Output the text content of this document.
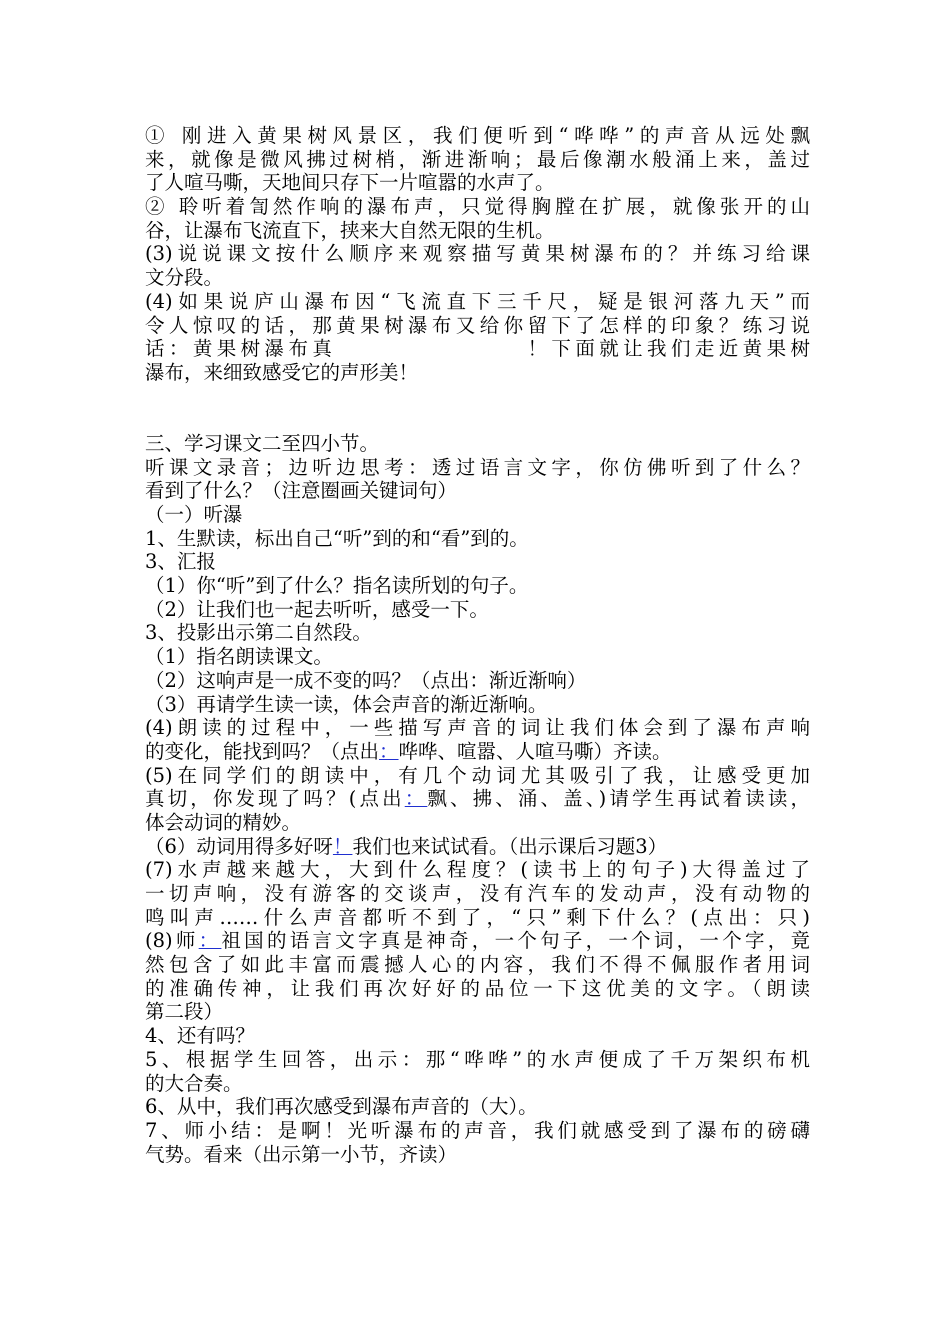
① 刚进入黄果树风景区，我们便听到“哗哗”的声音从远处飘
来，就像是微风拂过树梢，渐进渐响；最后像潮水般涌上来，盖过
了人喧马嘶，天地间只存下一片喧嚣的水声了。
② 聆听着訇然作响的瀑布声，只觉得胸膛在扩展，就像张开的山
谷，让瀑布飞流直下，挟来大自然无限的生机。
(3)说说课文按什么顺序来观察描写黄果树瀑布的？并练习给课
文分段。
(4)如果说庐山瀑布因“飞流直下三千尺，疑是银河落九天”而
令人惊叹的话，那黄果树瀑布又给你留下了怎样的印象？练习说
话：黄果树瀑布真　　　　　　　　！下面就让我们走近黄果树
瀑布，来细致感受它的声形美！
三、学习课文二至四小节。
听课文录音；边听边思考：透过语言文字，你仿佛听到了什么？
看到了什么？（注意圈画关键词句）
（一）听瀑
1、生默读，标出自己“听”到的和“看”到的。
3、汇报
（1）你“听”到了什么？指名读所划的句子。
（2）让我们也一起去听听，感受一下。
3、投影出示第二自然段。
（1）指名朗读课文。
（2）这响声是一成不变的吗？（点出：渐近渐响）
（3）再请学生读一读，体会声音的渐近渐响。
(4)朗读的过程中，一些描写声音的词让我们体会到了瀑布声响
的变化，能找到吗？（点出：哗哗、喧嚣、人喧马嘶）齐读。
(5)在同学们的朗读中，有几个动词尤其吸引了我，让感受更加
真切，你发现了吗？(点出：飘、拂、涌、盖、)请学生再试着读读，
体会动词的精妙。
（6）动词用得多好呀！我们也来试试看。（出示课后习题3）
(7)水声越来越大，大到什么程度？(读书上的句子)大得盖过了
一切声响，没有游客的交谈声，没有汽车的发动声，没有动物的
鸣叫声……什么声音都听不到了，“只”剩下什么？(点出：只)
(8)师：祖国的语言文字真是神奇，一个句子，一个词，一个字，竟
然包含了如此丰富而震撼人心的内容，我们不得不佩服作者用词
的准确传神，让我们再次好好的品位一下这优美的文字。（朗读
第二段）
4、还有吗？
5、根据学生回答，出示：那“哗哗”的水声便成了千万架织布机
的大合奏。
6、从中，我们再次感受到瀑布声音的（大）。
7、师小结：是啊！光听瀑布的声音，我们就感受到了瀑布的磅礴
气势。看来（出示第一小节，齐读）
